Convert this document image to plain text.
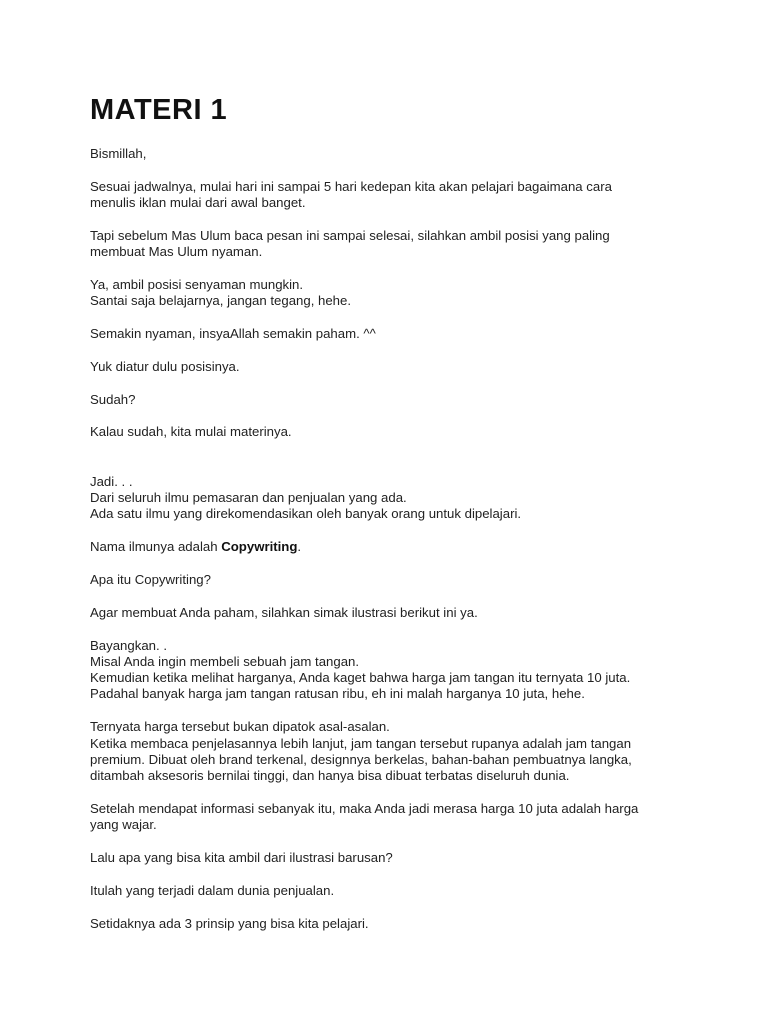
MATERI 1

Bismillah,

Sesuai jadwalnya, mulai hari ini sampai 5 hari kedepan kita akan pelajari bagaimana cara
menulis iklan mulai dari awal banget.

Tapi sebelum Mas Ulum baca pesan ini sampai selesai, silahkan ambil posisi yang paling
membuat Mas Ulum nyaman.

Ya, ambil posisi senyaman mungkin.
Santai saja belajarnya, jangan tegang, hehe.

Semakin nyaman, insyaAllah semakin paham. ^^

Yuk diatur dulu posisinya.

Sudah?

Kalau sudah, kita mulai materinya.

Jadi. . .
Dari seluruh ilmu pemasaran dan penjualan yang ada.
Ada satu ilmu yang direkomendasikan oleh banyak orang untuk dipelajari.

Nama ilmunya adalah Copywriting.

Apa itu Copywriting?

Agar membuat Anda paham, silahkan simak ilustrasi berikut ini ya.

Bayangkan. .
Misal Anda ingin membeli sebuah jam tangan.
Kemudian ketika melihat harganya, Anda kaget bahwa harga jam tangan itu ternyata 10 juta.
Padahal banyak harga jam tangan ratusan ribu, eh ini malah harganya 10 juta, hehe.

Ternyata harga tersebut bukan dipatok asal-asalan.
Ketika membaca penjelasannya lebih lanjut, jam tangan tersebut rupanya adalah jam tangan
premium. Dibuat oleh brand terkenal, designnya berkelas, bahan-bahan pembuatnya langka,
ditambah aksesoris bernilai tinggi, dan hanya bisa dibuat terbatas diseluruh dunia.

Setelah mendapat informasi sebanyak itu, maka Anda jadi merasa harga 10 juta adalah harga
yang wajar.

Lalu apa yang bisa kita ambil dari ilustrasi barusan?

Itulah yang terjadi dalam dunia penjualan.

Setidaknya ada 3 prinsip yang bisa kita pelajari.
